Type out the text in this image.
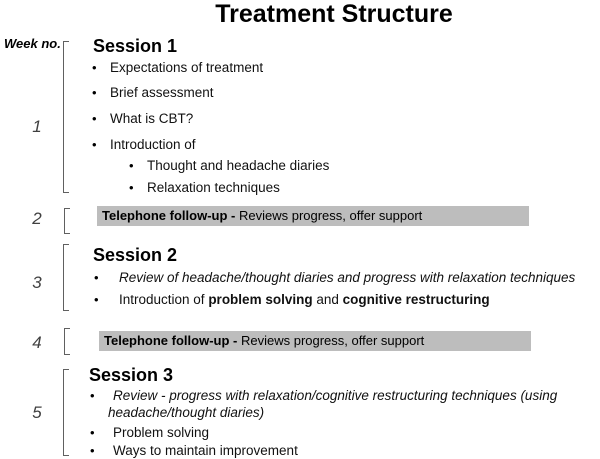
Treatment Structure
Week no.
1
2
3
4
5
Session 1
• Expectations of treatment
• Brief assessment
• What is CBT?
• Introduction of
• Thought and headache diaries
• Relaxation techniques
Telephone follow-up - Reviews progress, offer support
Session 2
• Review of headache/thought diaries and progress with relaxation techniques
• Introduction of problem solving and cognitive restructuring
Telephone follow-up - Reviews progress, offer support
Session 3
• Review - progress with relaxation/cognitive restructuring techniques (using
headache/thought diaries)
• Problem solving
• Ways to maintain improvement
